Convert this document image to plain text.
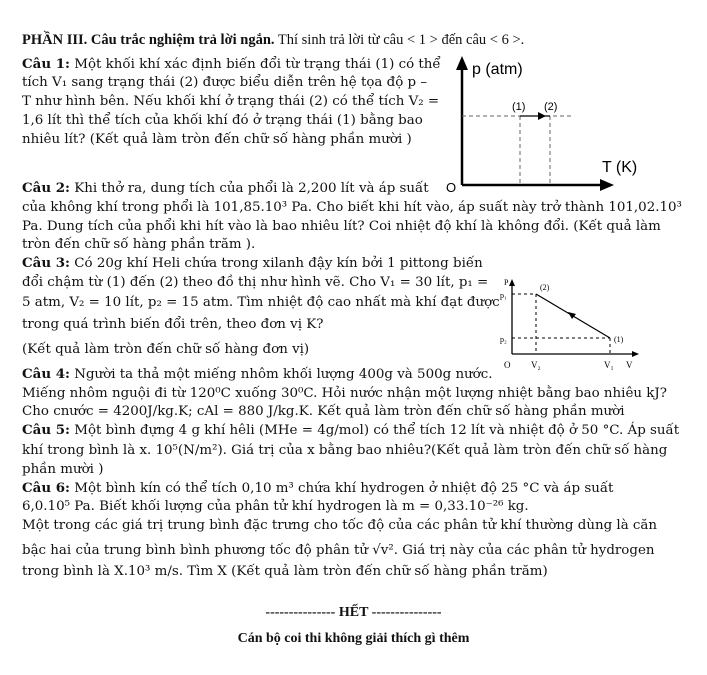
PHẦN III. Câu trắc nghiệm trả lời ngắn. Thí sinh trả lời từ câu < 1 > đến câu < 6 >.
Câu 1: Một khối khí xác định biến đổi từ trạng thái (1) có thể
tích V₁ sang trạng thái (2) được biểu diễn trên hệ tọa độ p –
T như hình bên. Nếu khối khí ở trạng thái (2) có thể tích V₂ =
1,6 lít thì thể tích của khối khí đó ở trạng thái (1) bằng bao
nhiêu lít? (Kết quả làm tròn đến chữ số hàng phần mười )
p (atm)
T (K)
O
(1) (2)
Câu 2: Khi thở ra, dung tích của phổi là 2,200 lít và áp suất
của không khí trong phổi là 101,85.10³ Pa. Cho biết khi hít vào, áp suất này trở thành 101,02.10³
Pa. Dung tích của phổi khi hít vào là bao nhiêu lít? Coi nhiệt độ khí là không đổi. (Kết quả làm
tròn đến chữ số hàng phần trăm ).
Câu 3: Có 20g khí Heli chứa trong xilanh đậy kín bởi 1 pittong biến
đổi chậm từ (1) đến (2) theo đồ thị như hình vẽ. Cho V₁ = 30 lít, p₁ =
5 atm, V₂ = 10 lít, p₂ = 15 atm. Tìm nhiệt độ cao nhất mà khí đạt được
trong quá trình biến đổi trên, theo đơn vị K?
(Kết quả làm tròn đến chữ số hàng đơn vị)
P
p₁
p₂
O V₂	V₁ V
(2)
(1)
Câu 4: Người ta thả một miếng nhôm khối lượng 400g và 500g nước.
Miếng nhôm nguội đi từ 120⁰C xuống 30⁰C. Hỏi nước nhận một lượng nhiệt bằng bao nhiêu kJ?
Cho cnước = 4200J/kg.K; cAl = 880 J/kg.K. Kết quả làm tròn đến chữ số hàng phần mười
Câu 5: Một bình đựng 4 g khí hêli (MHe = 4g/mol) có thể tích 12 lít và nhiệt độ ở 50 °C. Áp suất
khí trong bình là x. 10⁵(N/m²). Giá trị của x bằng bao nhiêu?(Kết quả làm tròn đến chữ số hàng
phần mười )
Câu 6: Một bình kín có thể tích 0,10 m³ chứa khí hydrogen ở nhiệt độ 25 °C và áp suất
6,0.10⁵ Pa. Biết khối lượng của phân tử khí hydrogen là m = 0,33.10⁻²⁶ kg.
Một trong các giá trị trung bình đặc trưng cho tốc độ của các phân tử khí thường dùng là căn
bậc hai của trung bình bình phương tốc độ phân tử √v². Giá trị này của các phân tử hydrogen
trong bình là X.10³ m/s. Tìm X (Kết quả làm tròn đến chữ số hàng phần trăm)
--------------- HẾT ---------------
Cán bộ coi thi không giải thích gì thêm
